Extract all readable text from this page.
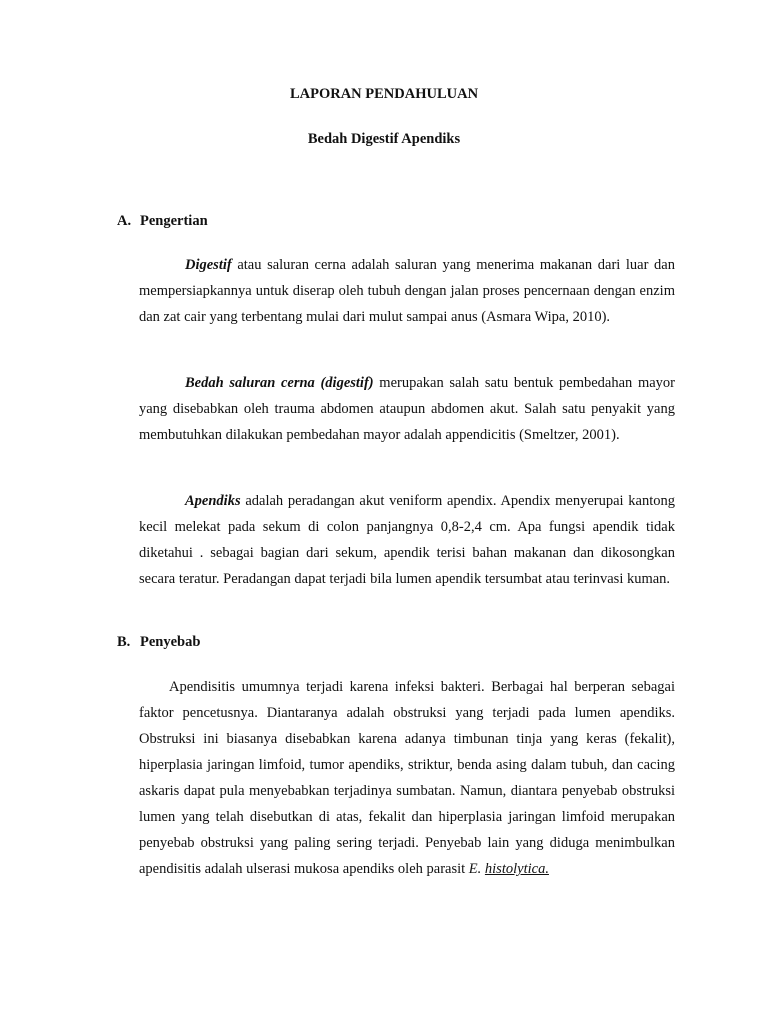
LAPORAN PENDAHULUAN
Bedah Digestif Apendiks
A. Pengertian

Digestif atau saluran cerna adalah saluran yang menerima makanan dari luar dan mempersiapkannya untuk diserap oleh tubuh dengan jalan proses pencernaan dengan enzim dan zat cair yang terbentang mulai dari mulut sampai anus (Asmara Wipa, 2010).

Bedah saluran cerna (digestif) merupakan salah satu bentuk pembedahan mayor yang disebabkan oleh trauma abdomen ataupun abdomen akut. Salah satu penyakit yang membutuhkan dilakukan pembedahan mayor adalah appendicitis (Smeltzer, 2001).

Apendiks adalah peradangan akut veniform apendix. Apendix menyerupai kantong kecil melekat pada sekum di colon panjangnya 0,8-2,4 cm. Apa fungsi apendik tidak diketahui . sebagai bagian dari sekum, apendik terisi bahan makanan dan dikosongkan secara teratur. Peradangan dapat terjadi bila lumen apendik tersumbat atau terinvasi kuman.

B. Penyebab

Apendisitis umumnya terjadi karena infeksi bakteri. Berbagai hal berperan sebagai faktor pencetusnya. Diantaranya adalah obstruksi yang terjadi pada lumen apendiks. Obstruksi ini biasanya disebabkan karena adanya timbunan tinja yang keras (fekalit), hiperplasia jaringan limfoid, tumor apendiks, striktur, benda asing dalam tubuh, dan cacing askaris dapat pula menyebabkan terjadinya sumbatan. Namun, diantara penyebab obstruksi lumen yang telah disebutkan di atas, fekalit dan hiperplasia jaringan limfoid merupakan penyebab obstruksi yang paling sering terjadi. Penyebab lain yang diduga menimbulkan apendisitis adalah ulserasi mukosa apendiks oleh parasit E. histolytica.
